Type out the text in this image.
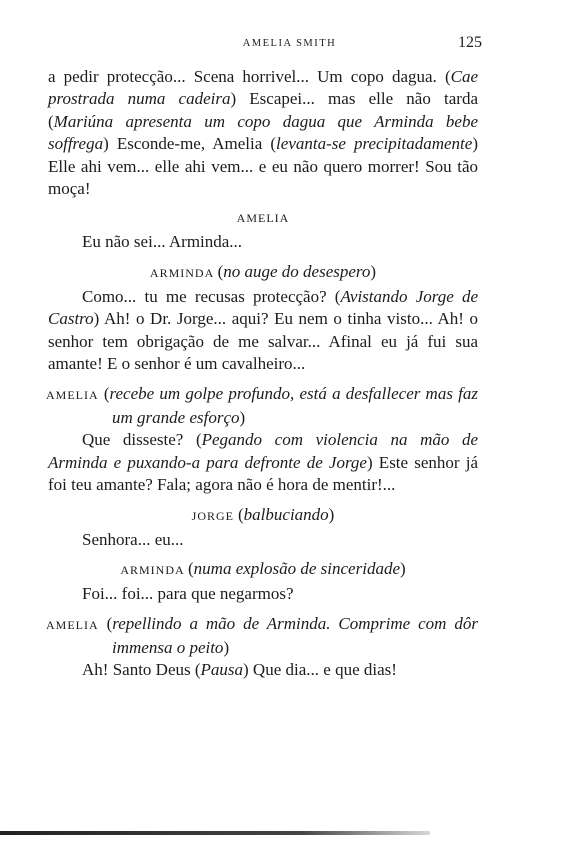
AMELIA SMITH	125

a pedir protecção... Scena horrivel... Um copo dagua. (Cae prostrada numa cadeira) Escapei... mas elle não tarda (Mariúna apresenta um copo dagua que Arminda bebe soffrega) Esconde-me, Amelia (levanta-se precipitadamente) Elle ahi vem... elle ahi vem... e eu não quero morrer! Sou tão moça!

AMELIA

Eu não sei... Arminda...

ARMINDA (no auge do desespero)

Como... tu me recusas protecção? (Avistando Jorge de Castro) Ah! o Dr. Jorge... aqui? Eu nem o tinha visto... Ah! o senhor tem obrigação de me salvar... Afinal eu já fui sua amante! E o senhor é um cavalheiro...

AMELIA (recebe um golpe profundo, está a desfallecer mas faz um grande esforço)

Que disseste? (Pegando com violencia na mão de Arminda e puxando-a para defronte de Jorge) Este senhor já foi teu amante? Fala; agora não é hora de mentir!...

JORGE (balbuciando)

Senhora... eu...

ARMINDA (numa explosão de sinceridade)

Foi... foi... para que negarmos?

AMELIA (repellindo a mão de Arminda. Comprime com dôr immensa o peito)

Ah! Santo Deus (Pausa) Que dia... e que dias!
